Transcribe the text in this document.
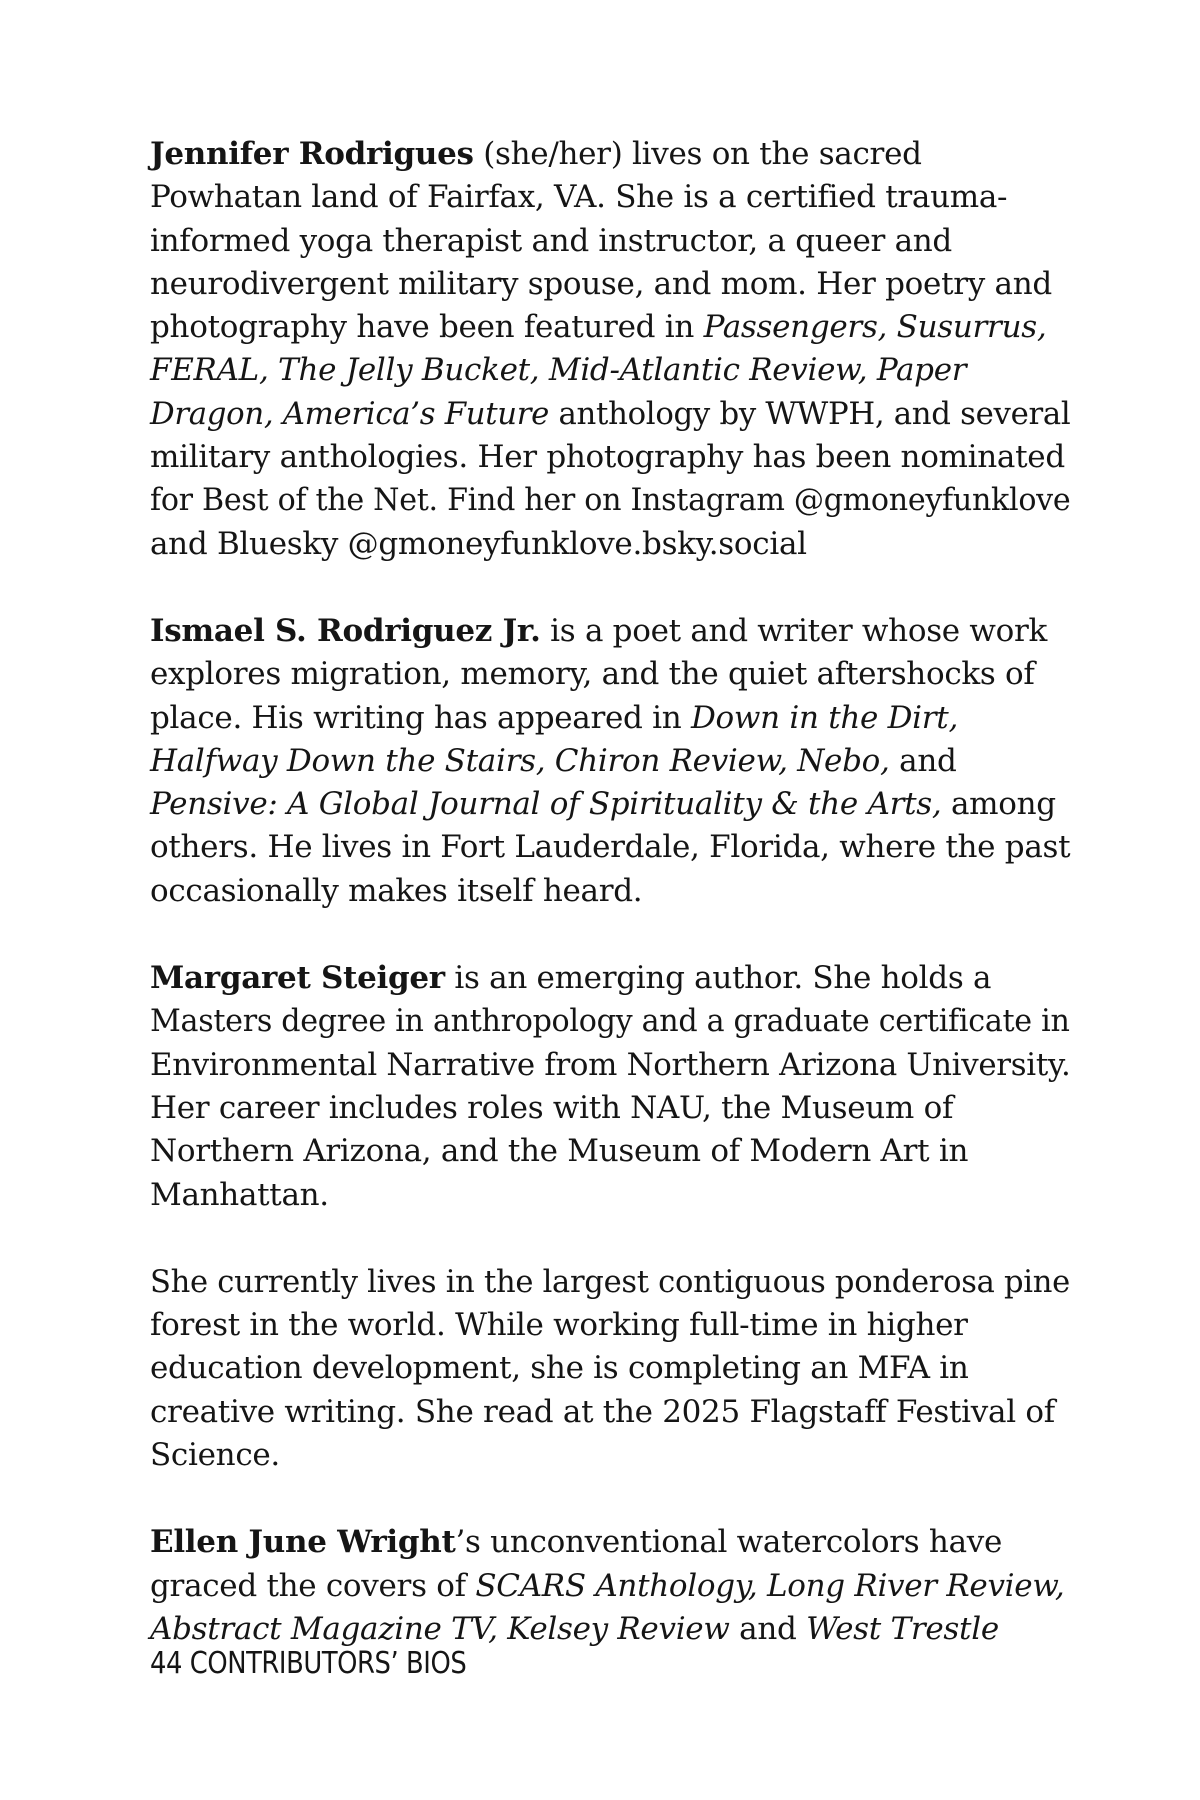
Jennifer Rodrigues (she/her) lives on the sacred
Powhatan land of Fairfax, VA. She is a certified trauma-
informed yoga therapist and instructor, a queer and
neurodivergent military spouse, and mom. Her poetry and
photography have been featured in Passengers, Susurrus,
FERAL, The Jelly Bucket, Mid-Atlantic Review, Paper
Dragon, America’s Future anthology by WWPH, and several
military anthologies. Her photography has been nominated
for Best of the Net. Find her on Instagram @gmoneyfunklove
and Bluesky @gmoneyfunklove.bsky.social
Ismael S. Rodriguez Jr. is a poet and writer whose work
explores migration, memory, and the quiet aftershocks of
place. His writing has appeared in Down in the Dirt,
Halfway Down the Stairs, Chiron Review, Nebo, and
Pensive: A Global Journal of Spirituality & the Arts, among
others. He lives in Fort Lauderdale, Florida, where the past
occasionally makes itself heard.
Margaret Steiger is an emerging author. She holds a
Masters degree in anthropology and a graduate certificate in
Environmental Narrative from Northern Arizona University.
Her career includes roles with NAU, the Museum of
Northern Arizona, and the Museum of Modern Art in
Manhattan.
She currently lives in the largest contiguous ponderosa pine
forest in the world. While working full-time in higher
education development, she is completing an MFA in
creative writing. She read at the 2025 Flagstaff Festival of
Science.
Ellen June Wright’s unconventional watercolors have
graced the covers of SCARS Anthology, Long River Review,
Abstract Magazine TV, Kelsey Review and West Trestle
44 CONTRIBUTORS’ BIOS
